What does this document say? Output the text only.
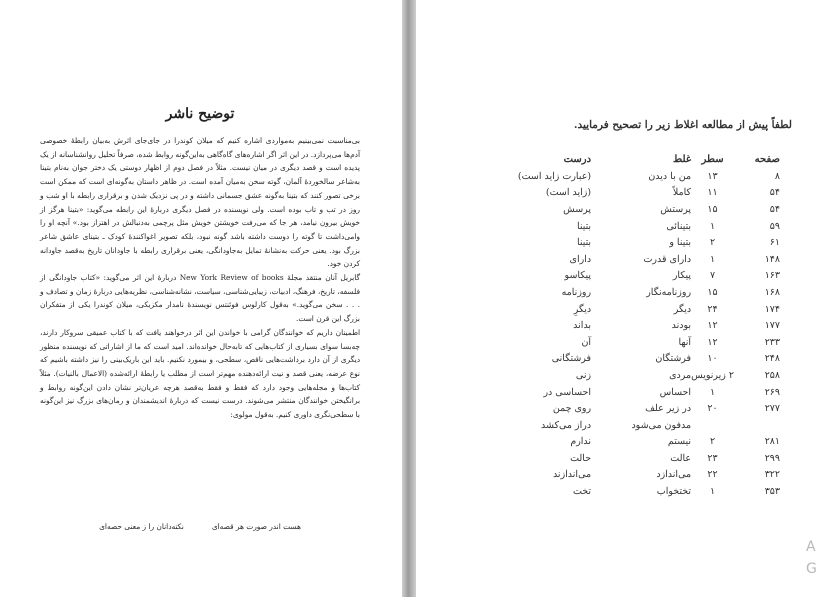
توضیح ناشر

بی‌مناسبت نمی‌بینیم به‌مواردی اشاره کنیم که میلان کوندرا در جای‌جای اثرش به‌بیان رابطهٔ خصوصی آدم‌ها می‌پردازد. در این اثر اگر اشاره‌های گاه‌گاهی به‌این‌گونه روابط شده، صرفاً تحلیل روانشناسانه از یک پدیده است و قصد دیگری در میان نیست. مثلاً در فصل دوم از اظهار دوستی یک دختر جوان به‌نام بتینا به‌شاعر سالخوردهٔ آلمان، گوته سخن به‌میان آمده است. در ظاهر داستان به‌گونه‌ای است که ممکن است برخی تصور کنند که بتینا به‌گونه عشق جسمانی داشته و در پی نزدیک شدن و برقراری رابطه با او شب و روز در تب و تاب بوده است. ولی نویسنده در فصل دیگری دربارهٔ این رابطه می‌گوید: «بتینا هرگز از خویش بیرون نیامد، هر جا که می‌رفت خویشتن خویش مثل پرچمی به‌دنبالش در اهتزاز بود.» آنچه او را وامی‌داشت تا گوته را دوست داشته باشد گونه نبود، بلکه تصویر اغواکنندهٔ کودک ـ بتینای عاشق شاعر بزرگ بود. یعنی حرکت به‌نشانهٔ تمایل به‌جاودانگی، یعنی برقراری رابطه با جاودانان تاریخ به‌قصد جاودانه کردن خود.

گابریل آنان منتقد مجلهٔ New York Review of books دربارهٔ این اثر می‌گوید: «کتاب جاودانگی از فلسفه، تاریخ، فرهنگ، ادبیات، زیبایی‌شناسی، سیاست، نشانه‌شناسی، نظریه‌هایی دربارهٔ زمان و تصادف و . . . سخن می‌گوید.» به‌قول کارلوس فوئنتس نویسندهٔ نامدار مکزیکی، میلان کوندرا یکی از متفکران بزرگ این قرن است.

اطمینان داریم که خوانندگان گرامی با خواندن این اثر درخواهند یافت که با کتاب عمیقی سروکار دارند، چه‌بسا سوای بسیاری از کتاب‌هایی که تابه‌حال خوانده‌اند. امید است که ما از اشاراتی که نویسنده منظور دیگری از آن دارد برداشت‌هایی ناقص، سطحی، و بیمورد نکنیم. باید این باریک‌بینی را نیز داشته باشیم که نوع عرضه، یعنی قصد و نیت ارائه‌دهنده مهم‌تر است از مطلب یا رابطهٔ ارائه‌شده (الاعمال بالنیات). مثلاً کتاب‌ها و مجله‌هایی وجود دارد که فقط و فقط به‌قصد هرچه عریان‌تر نشان دادن این‌گونه روابط و برانگیختن خوانندگان منتشر می‌شوند. درست نیست که دربارهٔ اندیشمندان و رمان‌های بزرگ نیز این‌گونه با سطحی‌نگری داوری کنیم. به‌قول مولوی:

هست اندر صورت هر قصه‌ای
نکته‌دانان را ز معنی حصه‌ای
لطفاً پیش از مطالعه اغلاط زیر را تصحیح فرمایید.
صفحه	سطر	غلط	درست
۸	۱۳	من با دیدن	(عبارت زاید است)
۵۴	۱۱	کاملاً	(زاید است)
۵۴	۱۵	پرستش	پرسش
۵۹	۱	بتینائی	بتینا
۶۱	۲	بتینا و	بتینا
۱۴۸	۱	دارای قدرت	دارای
۱۶۳	۷	پیکار	پیکاسو
۱۶۸	۱۵	روزنامه‌نگار	روزنامه
۱۷۴	۲۴	دیگر	دیگرِ
۱۷۷	۱۲	بودند	بداند
۲۳۳	۱۲	آنها	آن
۲۴۸	۱۰	فرشتگان	فرشتگانی
۲۵۸	۲ زیرنویس	مردی	زنی
۲۶۹	۱	احساس	احساسی در
۲۷۷	۲۰	در زیر علف	روی چمن
		مدفون می‌شود	دراز می‌کشد
۲۸۱	۲	نیستم	ندارم
۲۹۹	۲۳	عالت	حالت
۳۲۲	۲۲	می‌اندازد	می‌اندازند
۳۵۳	۱	تختخواب	تخت
A
G
